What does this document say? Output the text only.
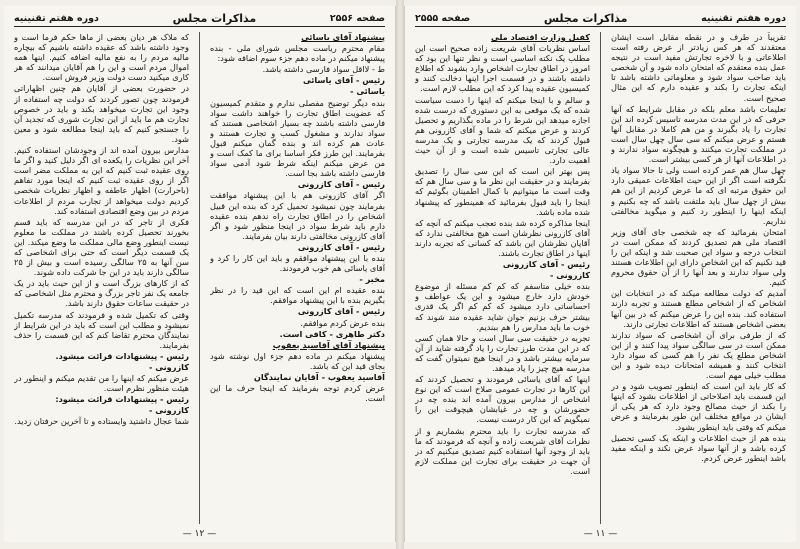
صفحه ۲۵۵۶
مذاکرات مجلس
دوره هفتم تقنینیه

پیشنهاد آقای یاسائی

مقام محترم ریاست مجلس شورای ملی - بنده پیشنهاد میکنم در ماده دهم جزء سوم اضافه شود:

ط - لااقل سواد فارسی داشته باشد.

رئیس - آقای یاسائی

یاسائی -

بنده دیگر توضیح مفصلی ندارم و متقدم کمیسیون که عضویت اطاق تجارت را خواهند داشت سواد فارسی داشته باشند چه بسیار اشخاصی هستند که سواد ندارند و مشغول کسب و تجارت هستند و عادت هم کرده اند و بنده گمان میکنم قبول بفرمایند. این طرز فکر اساسا برای ما کمک است و من عرض میکنم اینکه شرط شود آدمی سواد فارسی داشته باشد بجا است.

رئیس - آقای کازرونی

اگر آقای کازرونی هم با این پیشنهاد موافقت بفرمایند چون نمیشود تحمیل کرد که بنده این قبیل اشخاص را در اطاق تجارت راه ندهم بنده عقیده دارم باید شرط سواد در اینجا منظور شود و اگر آقای کازرونی مخالفتی دارند بیان بفرمایند.

رئیس - آقای کازرونی

بنده با این پیشنهاد موافقم و باید این کار را کرد و آقای یاسائی هم خوب فرمودند.

مخبر -

بنده عقیده ام این است که این قید را در نظر بگیریم بنده با این پیشنهاد موافقم.

رئیس - آقای کازرونی

بنده عرض کردم موافقم.

دکتر طاهری - کافی است.

پیشنهاد آقای آقاسید یعقوب

پیشنهاد میکنم در ماده دهم جزء اول نوشته شود بجای قید این که باشد.

آقاسید یعقوب - آقایان نمایندگان

عرض کردم توجه بفرمایند که اینجا حرف ما این است.

که ملاک هر دیان بعضی از ماها حکم فرما است و وجود داشته باشد که عقیده داشته باشیم که بیچاره مالیه مردم را به نفع مالیه اضافه کنیم. اینها همه اموال مردم است و این را هم آقایان میدانند که هر کاری میکنید دست دولت وزیر فروش است.

در حضورت بعضی از آقایان هم چنین اظهاراتی فرمودند چون تصور کردند که دولت چه استفاده از وجود این تجارت میخواهد بکند و باید در خصوص تجارت هم ما باید از این تجارت شوری که تجدید آن را جستجو کنیم که باید اینجا مطالعه شود و معین شود.

مدارس بیرون آمده اند از وجودشان استفاده کنیم. آخر این نظریات را یکعده ای اگر دلیل کنید و اگر ما روی عقیده ثبت کنیم که این به مملکت مضر است اگر از روی عقیده ثبت کنیم که اینجا مورد تفاهم (باحرارت) اظهار عاطفه و اظهار نظریات شخصی کردیم دولت میخواهد از تجارب مردم از اطلاعات مردم در بین وضع اقتصادی استفاده کند.

فکری از تاجر که در این مدرسه که باید قسم بخورند تحصیل کرده باشند در مملکت ما معلوم نیست اینطور وضع مالی مملکت ما وضع میکند. این یک قسمت دیگر است که حتی برای اشخاصی که سن آنها به ۲۵ سالگی رسیده است و بیش از ۲۵ سالگی دارند باید در این جا شرکت داده شوند.

که از کارهای بزرگ است و از این حیث باید در یک جامعه یک نفر تاجر بزرگ و محترم مثل اشخاصی که در حقیقت ساعات حقوق دارند باشد.

وقتی که تکمیل شده و فرمودند که مدرسه تکمیل نمیشود و مطلب این است که باید در این شرایط از نمایندگان محترم تقاضا کنم که این قسمت را حذف بفرمایند.

رئیس - پیشنهادات قرائت میشود.

کازرونی -

عرض میکنم که اینها را من تقدیم میکنم و اینطور در هیئت منظور نظرم است.

رئیس - پیشنهادات قرائت میشود:

کازرونی -

شما عجال داشتید وایستاده و تا آخرین حرفتان زدید.

— ۱۲ —
دوره هفتم تقنینیه
مذاکرات مجلس
صفحه ۲۵۵۵

تقریباً در طرف و در نقطه مقابل است ایشان معتقدند که هر کس زیادتر از عرض رفته است اطلاعاتی و با لاخره تجارتش مفید است در نتیجه عمل بنده معتقدم که امتحان داده شود و آن شخصی باید صاحب سواد شود و معلوماتی داشته باشد تا اینکه تجارت را بکند و عقیده دارم که این مثال صحیح است.

تعلیمات باشد معلم بلکه در مقابل شرایط که آنها حرفی که در این مدت مدرسه تاسیس کرده اند این تجارت را یاد بگیرند و من هم کاملا در مقابل آنها هستم و عرض میکنم که سی سال چهل سال است در مملکت تجارت میکنند و هیچگونه سواد ندارند و در اطلاعات آنها از هر کسی بیشتر است.

چهل سال هم عمر کرده است ولی تا حالا سواد یاد نگرفته است اگر از این حیث اطلاعات عمیقی دارد این حقوق مرتبه ای که ما عرض کردیم از این هم بیش از چهل سال باید ملتفت باشد که چه بکنیم و اینکه اینها را اینطور رد کنیم و میگوید مخالفتی نداریم.

امتحان بفرمائید که چه شخصی جای آقای وزیر اقتصاد ملی هم تصدیق کردند که ممکن است در انتخاب درجه و سواد این صحبت شد و اینکه این را قید نکنیم که این اشخاص دارای این اطلاعات هستند ولی سواد ندارند و بعد آنها را از آن حقوق محروم کنیم.

آمدیم که دولت مطالعه میکند که در انتخابات این اشخاص که از اشخاص مطلع هستند و تجربه دارند استفاده کند. بنده این را عرض میکنم که در بین آنها بعضی اشخاص هستند که اطلاعات تجارتی دارند.

که از طرفی برای آن اشخاصی که سواد ندارند ممکن است در سی سالگی سواد پیدا کنند و از این اشخاص مطلع یک نفر را هم کسی که سواد دارد انتخاب کنند و همیشه امتحانات دیده شود و این مطلب خیلی مهم است.

که کار باید این است که اینطور تصویب شود و در این قسمت باید اصلاحاتی از اطلاعات بشود که اینها را بکند از حیث مصالح وجود دارد که هر یکی از ایشان در مواقع مختلف این طور بفرمایند و عرض میکنم که وقتی باید اینطور بشود.

بنده هم از حیث اطلاعات و اینکه یک کسی تحصیل کرده باشد و از آنها سواد عرض نکند و اینکه مفید باشد اینطور عرض کردم.

کفیل وزارت اقتصاد ملی

اساس نظریات آقای شریعت زاده صحیح است این مطلب یک نکته اساسی است و نظر تنها این بود که امروز در اطاق تجارت اشخاص وارد بشوند که اطلاع داشته باشند و در قسمت اجرا اینها دخالت کنند و کمیسیون عقیده پیدا کرد که این مطلب لازم است.

و سالم و با اینجا میکنم که اینها را دست سیاست شده که یک موقعی به این دستوری که درست شده اجازه میدهد این شرط را در ماده بگذاریم و تحصیل کردند و عرض میکنم که شما و آقای کازرونی هم قبول کردند که یک مدرسه تجارتی و یک مدرسه عالی تجارتی تاسیس شده است و از آن حیث اهمیت دارد.

پس بهتر این است که این سی سال را تصدیق بفرمایند و در حقیقت این نظر ما و سی سال هم که وقت است ما میتوانیم با کمال اطمینان بگوئیم که اینجا را باید قبول بفرمائید که همینطور که پیشنهاد شده ماده باشد.

اینجا مذاکره کرده شد بنده تعجب میکنم که آنچه که آقای کازرونی نظرشان است هیچ مخالفتی ندارد که آقایان نظرشان این باشد که کسانی که تجربه دارند اینها در اطاق تجارت باشند.

رئیس - آقای کازرونی

کازرونی -

بنده خیلی متاسفم که کم کم مسئله از موضوع خودش دارد خارج میشود و این یک عواطف و احساساتی دارد میشود که کم کم اگر یک قدری بیشتر حرف بزنیم جوان شاید عقیده مند شوند که خوب ما باید مدارس را هم ببندیم.

تجربه در حقیقت سی سال است و حالا همان کسی که در این مدت طرز تجارت را یاد گرفته شاید از آن سرمایه بیشتر باشد و در اینجا هیچ نمیتوان گفت که مدرسه هیچ چیز را یاد میدهد.

اینها که آقای یاسائی فرمودند و تحصیل کردند که این کارها در تجارت عمومی صلاح است که این نوع اشخاص از مدارس بیرون آمده اند بنده چه در حضورشان و چه در غیابشان هیچوقت این را نمیگویم که این کار درست نیست.

که مدرسه تجارت را باید محترم بشماریم و از نظرات آقای شریعت زاده و آنچه که فرمودند که ما باید از وجود آنها استفاده کنیم تصدیق میکنیم که در آن جهت در حقیقت برای تجارت این مملکت لازم است.

— ۱۱ —
